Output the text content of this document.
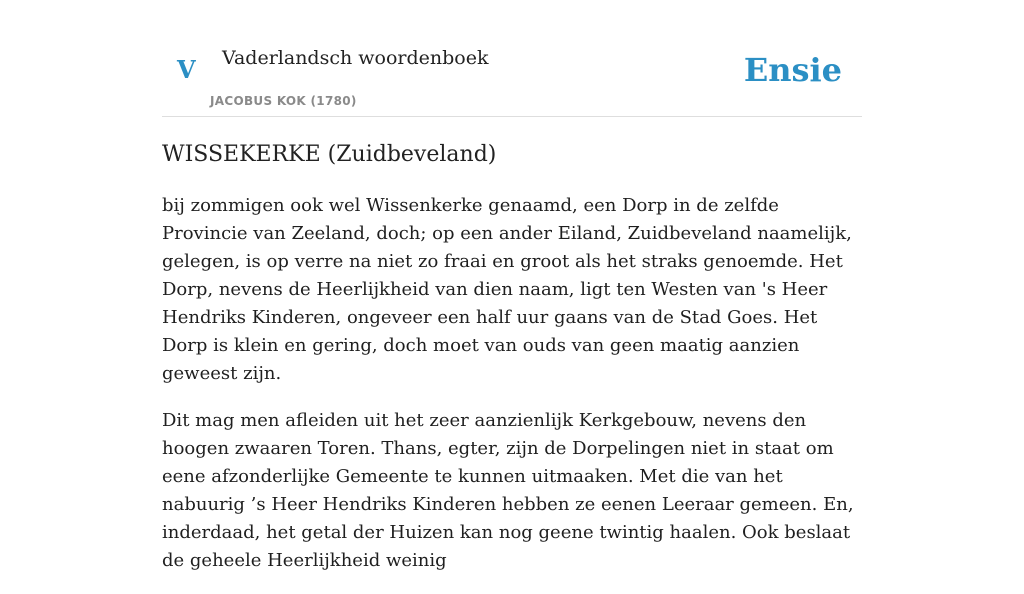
V Vaderlandsch woordenboek
JACOBUS KOK (1780)
Ensie
WISSEKERKE (Zuidbeveland)

bij zommigen ook wel Wissenkerke genaamd, een Dorp in de zelfde Provincie van Zeeland, doch; op een ander Eiland, Zuidbeveland naamelijk, gelegen, is op verre na niet zo fraai en groot als het straks genoemde. Het Dorp, nevens de Heerlijkheid van dien naam, ligt ten Westen van 's Heer Hendriks Kinderen, ongeveer een half uur gaans van de Stad Goes. Het Dorp is klein en gering, doch moet van ouds van geen maatig aanzien geweest zijn.

Dit mag men afleiden uit het zeer aanzienlijk Kerkgebouw, nevens den hoogen zwaaren Toren. Thans, egter, zijn de Dorpelingen niet in staat om eene afzonderlijke Gemeente te kunnen uitmaaken. Met die van het nabuurig ’s Heer Hendriks Kinderen hebben ze eenen Leeraar gemeen. En, inderdaad, het getal der Huizen kan nog geene twintig haalen. Ook beslaat de geheele Heerlijkheid weinig
